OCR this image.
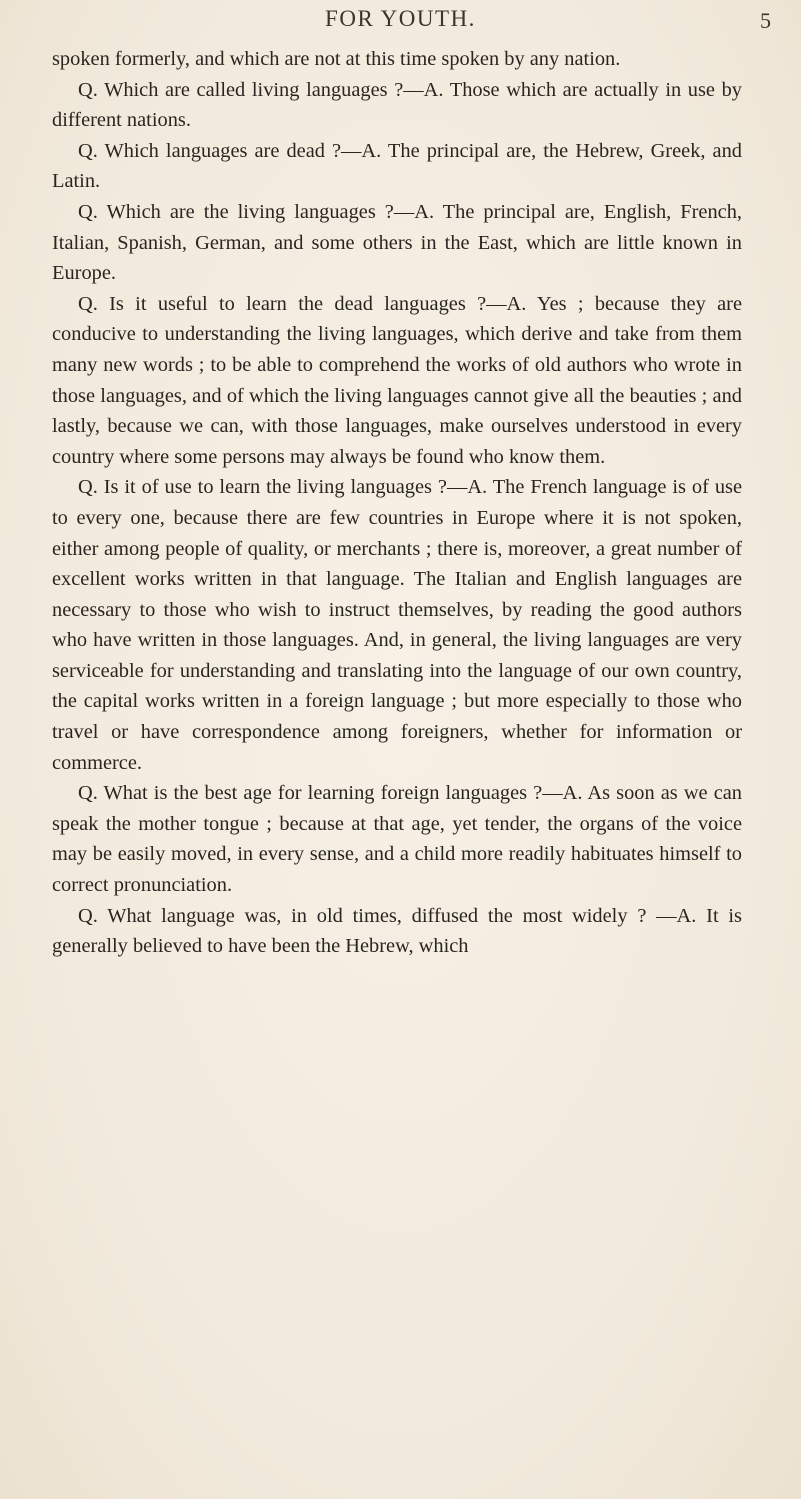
FOR YOUTH.	5

spoken formerly, and which are not at this time spoken by any nation.

Q. Which are called living languages ?—A. Those which are actually in use by different nations.

Q. Which languages are dead ?—A. The principal are, the Hebrew, Greek, and Latin.

Q. Which are the living languages ?—A. The principal are, English, French, Italian, Spanish, German, and some others in the East, which are little known in Europe.

Q. Is it useful to learn the dead languages ?—A. Yes ; because they are conducive to understanding the living languages, which derive and take from them many new words ; to be able to comprehend the works of old authors who wrote in those languages, and of which the living languages cannot give all the beauties ; and lastly, because we can, with those languages, make ourselves understood in every country where some persons may always be found who know them.

Q. Is it of use to learn the living languages ?—A. The French language is of use to every one, because there are few countries in Europe where it is not spoken, either among people of quality, or merchants ; there is, moreover, a great number of excellent works written in that language. The Italian and English languages are necessary to those who wish to instruct themselves, by reading the good authors who have written in those languages. And, in general, the living languages are very serviceable for understanding and translating into the language of our own country, the capital works written in a foreign language ; but more especially to those who travel or have correspondence among foreigners, whether for information or commerce.

Q. What is the best age for learning foreign languages ?—A. As soon as we can speak the mother tongue ; because at that age, yet tender, the organs of the voice may be easily moved, in every sense, and a child more readily habituates himself to correct pronunciation.

Q. What language was, in old times, diffused the most widely ? —A. It is generally believed to have been the Hebrew, which
